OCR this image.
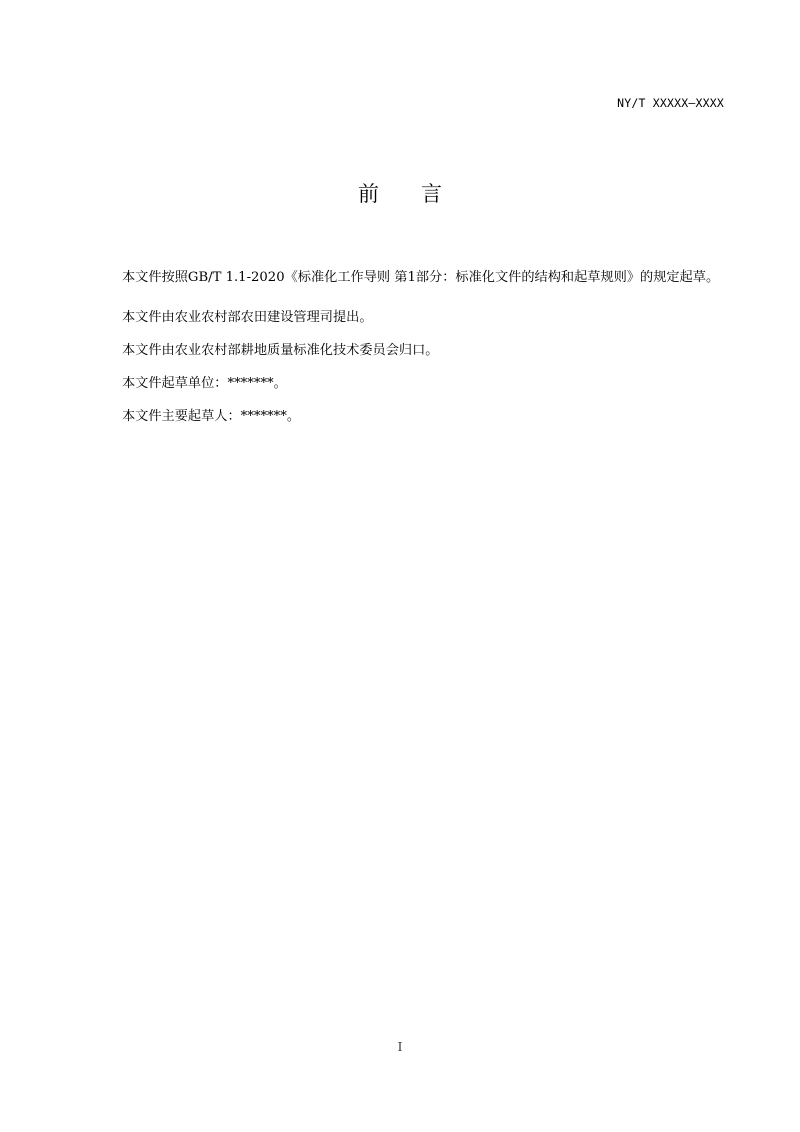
NY/T XXXXX—XXXX
前言

本文件按照GB/T 1.1-2020《标准化工作导则 第1部分：标准化文件的结构和起草规则》的规定起草。

本文件由农业农村部农田建设管理司提出。

本文件由农业农村部耕地质量标准化技术委员会归口。

本文件起草单位：*******。

本文件主要起草人：*******。

I
